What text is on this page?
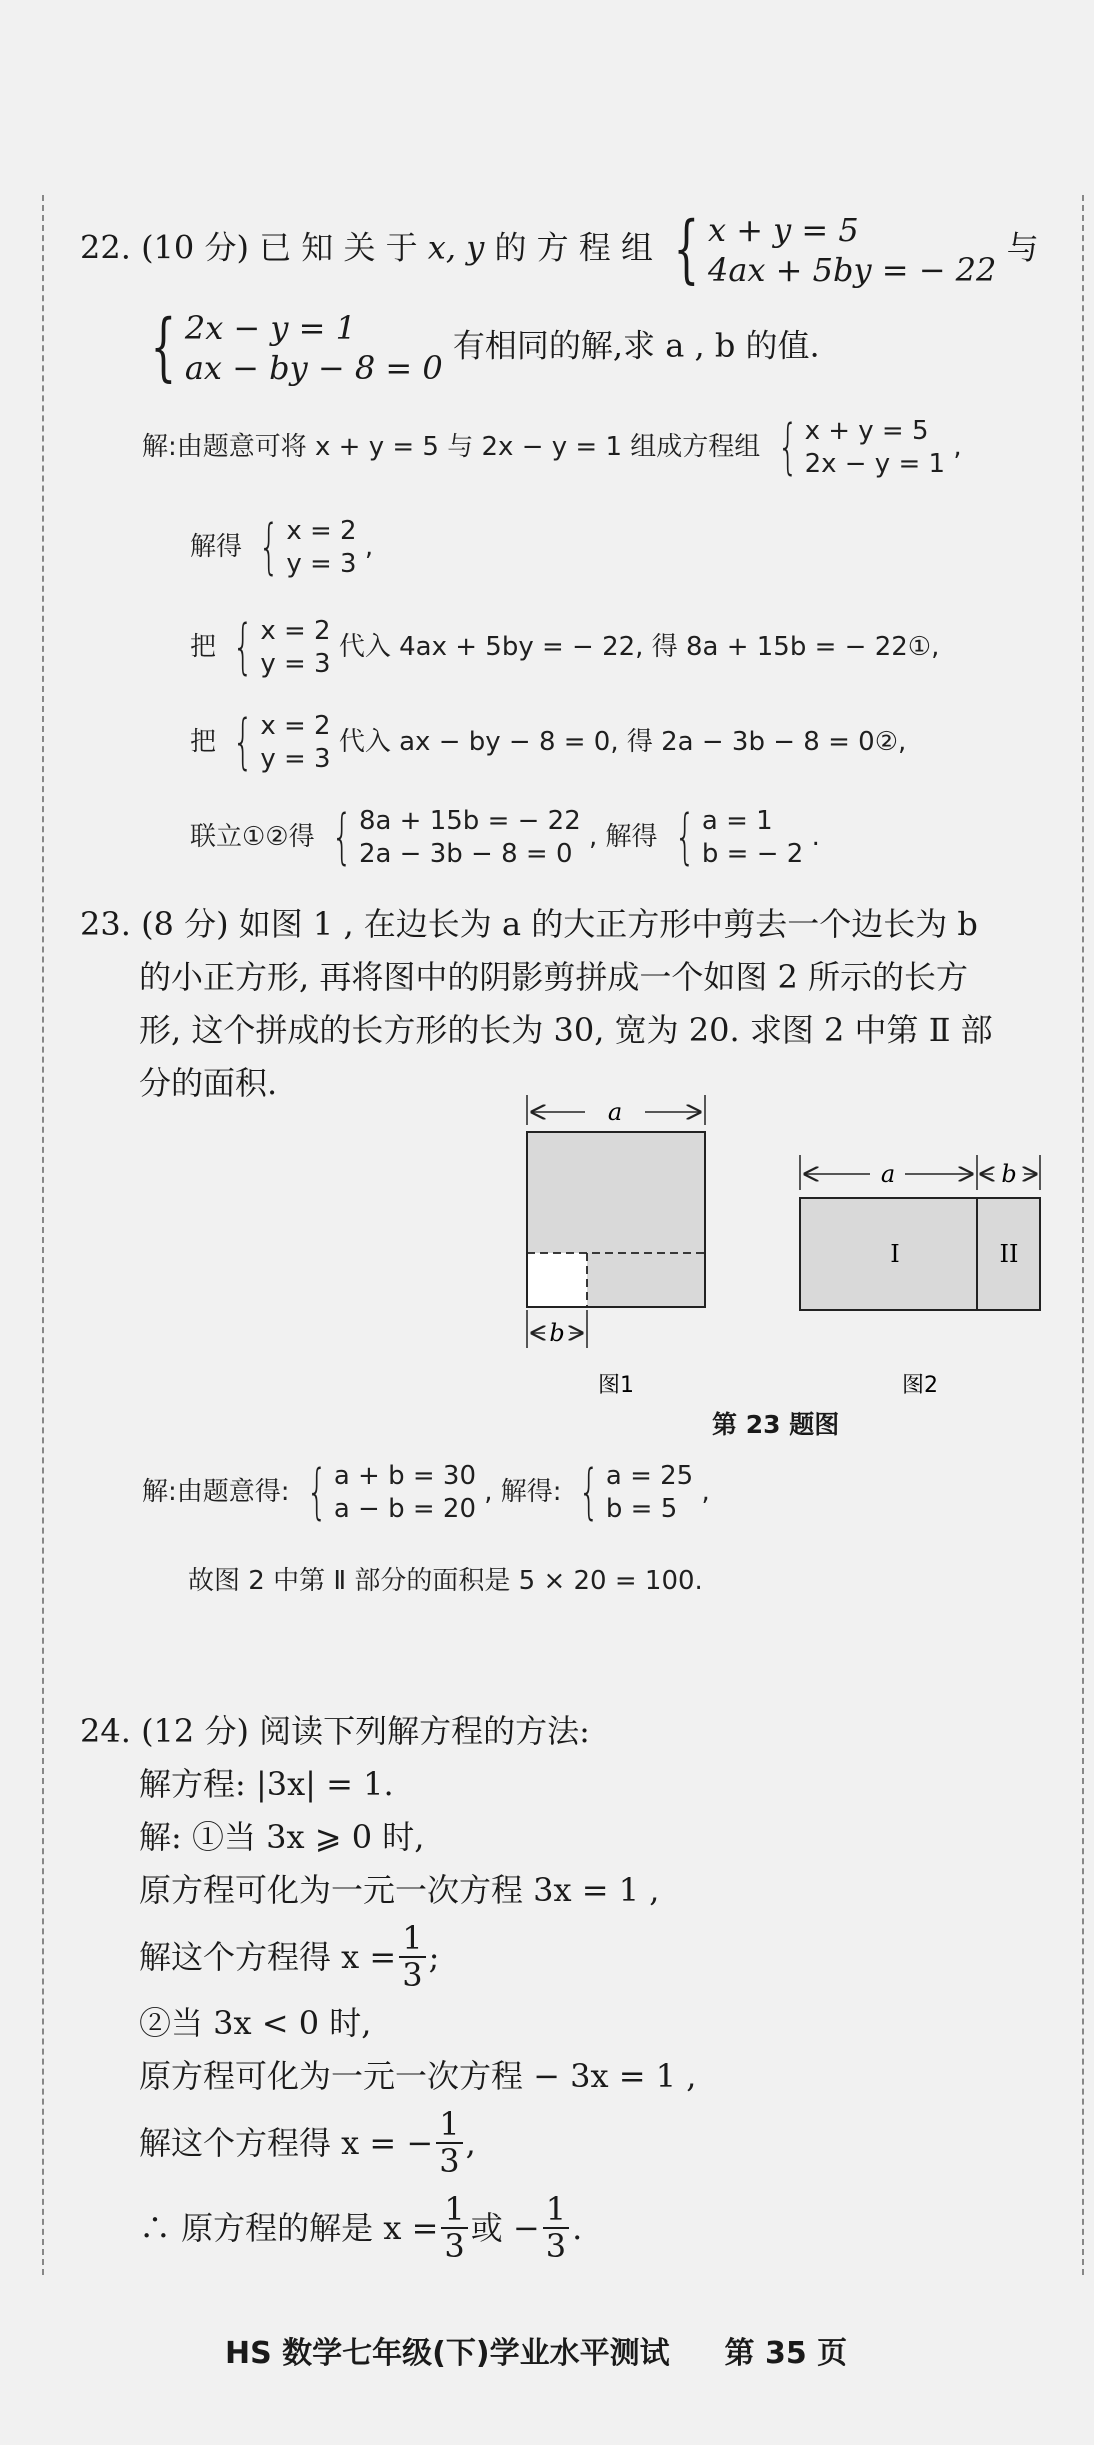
22. (10 分) 已 知 关 于 x, y 的 方 程 组 { x + y = 5
4ax + 5by = − 22
与
{ 2x − y = 1
ax − by − 8 = 0
有相同的解,求 a , b 的值.
解:由题意可将 x + y = 5 与 2x − y = 1 组成方程组 { x + y = 5
2x − y = 1
,
解得 { x = 2
y = 3
,
把 { x = 2
y = 3
代入 4ax + 5by = − 22, 得 8a + 15b = − 22①,
把 { x = 2
y = 3
代入 ax − by − 8 = 0, 得 2a − 3b − 8 = 0②,
联立①②得 { 8a + 15b = − 22
2a − 3b − 8 = 0
, 解得 { a = 1
b = − 2
.
23. (8 分) 如图 1 , 在边长为 a 的大正方形中剪去一个边长为 b
的小正方形, 再将图中的阴影剪拼成一个如图 2 所示的长方
形, 这个拼成的长方形的长为 30, 宽为 20. 求图 2 中第 Ⅱ 部
分的面积.
a
b
图1
a	b
I	II
图2
第 23 题图
解:由题意得: { a + b = 30
a − b = 20
, 解得: { a = 25
b = 5
,
故图 2 中第 Ⅱ 部分的面积是 5 × 20 = 100.
24. (12 分) 阅读下列解方程的方法:
解方程: |3x| = 1.
解: ①当 3x ⩾ 0 时,
原方程可化为一元一次方程 3x = 1 ,
解这个方程得 $x = \frac{1}{3}$ ;
②当 3x < 0 时,
原方程可化为一元一次方程 − 3x = 1 ,
解这个方程得 x = − $\frac{1}{3}$ ,
∴ 原方程的解是 $x = \frac{1}{3}$ 或 − $\frac{1}{3}$ .
HS 数学七年级(下)学业水平测试 第 35 页
